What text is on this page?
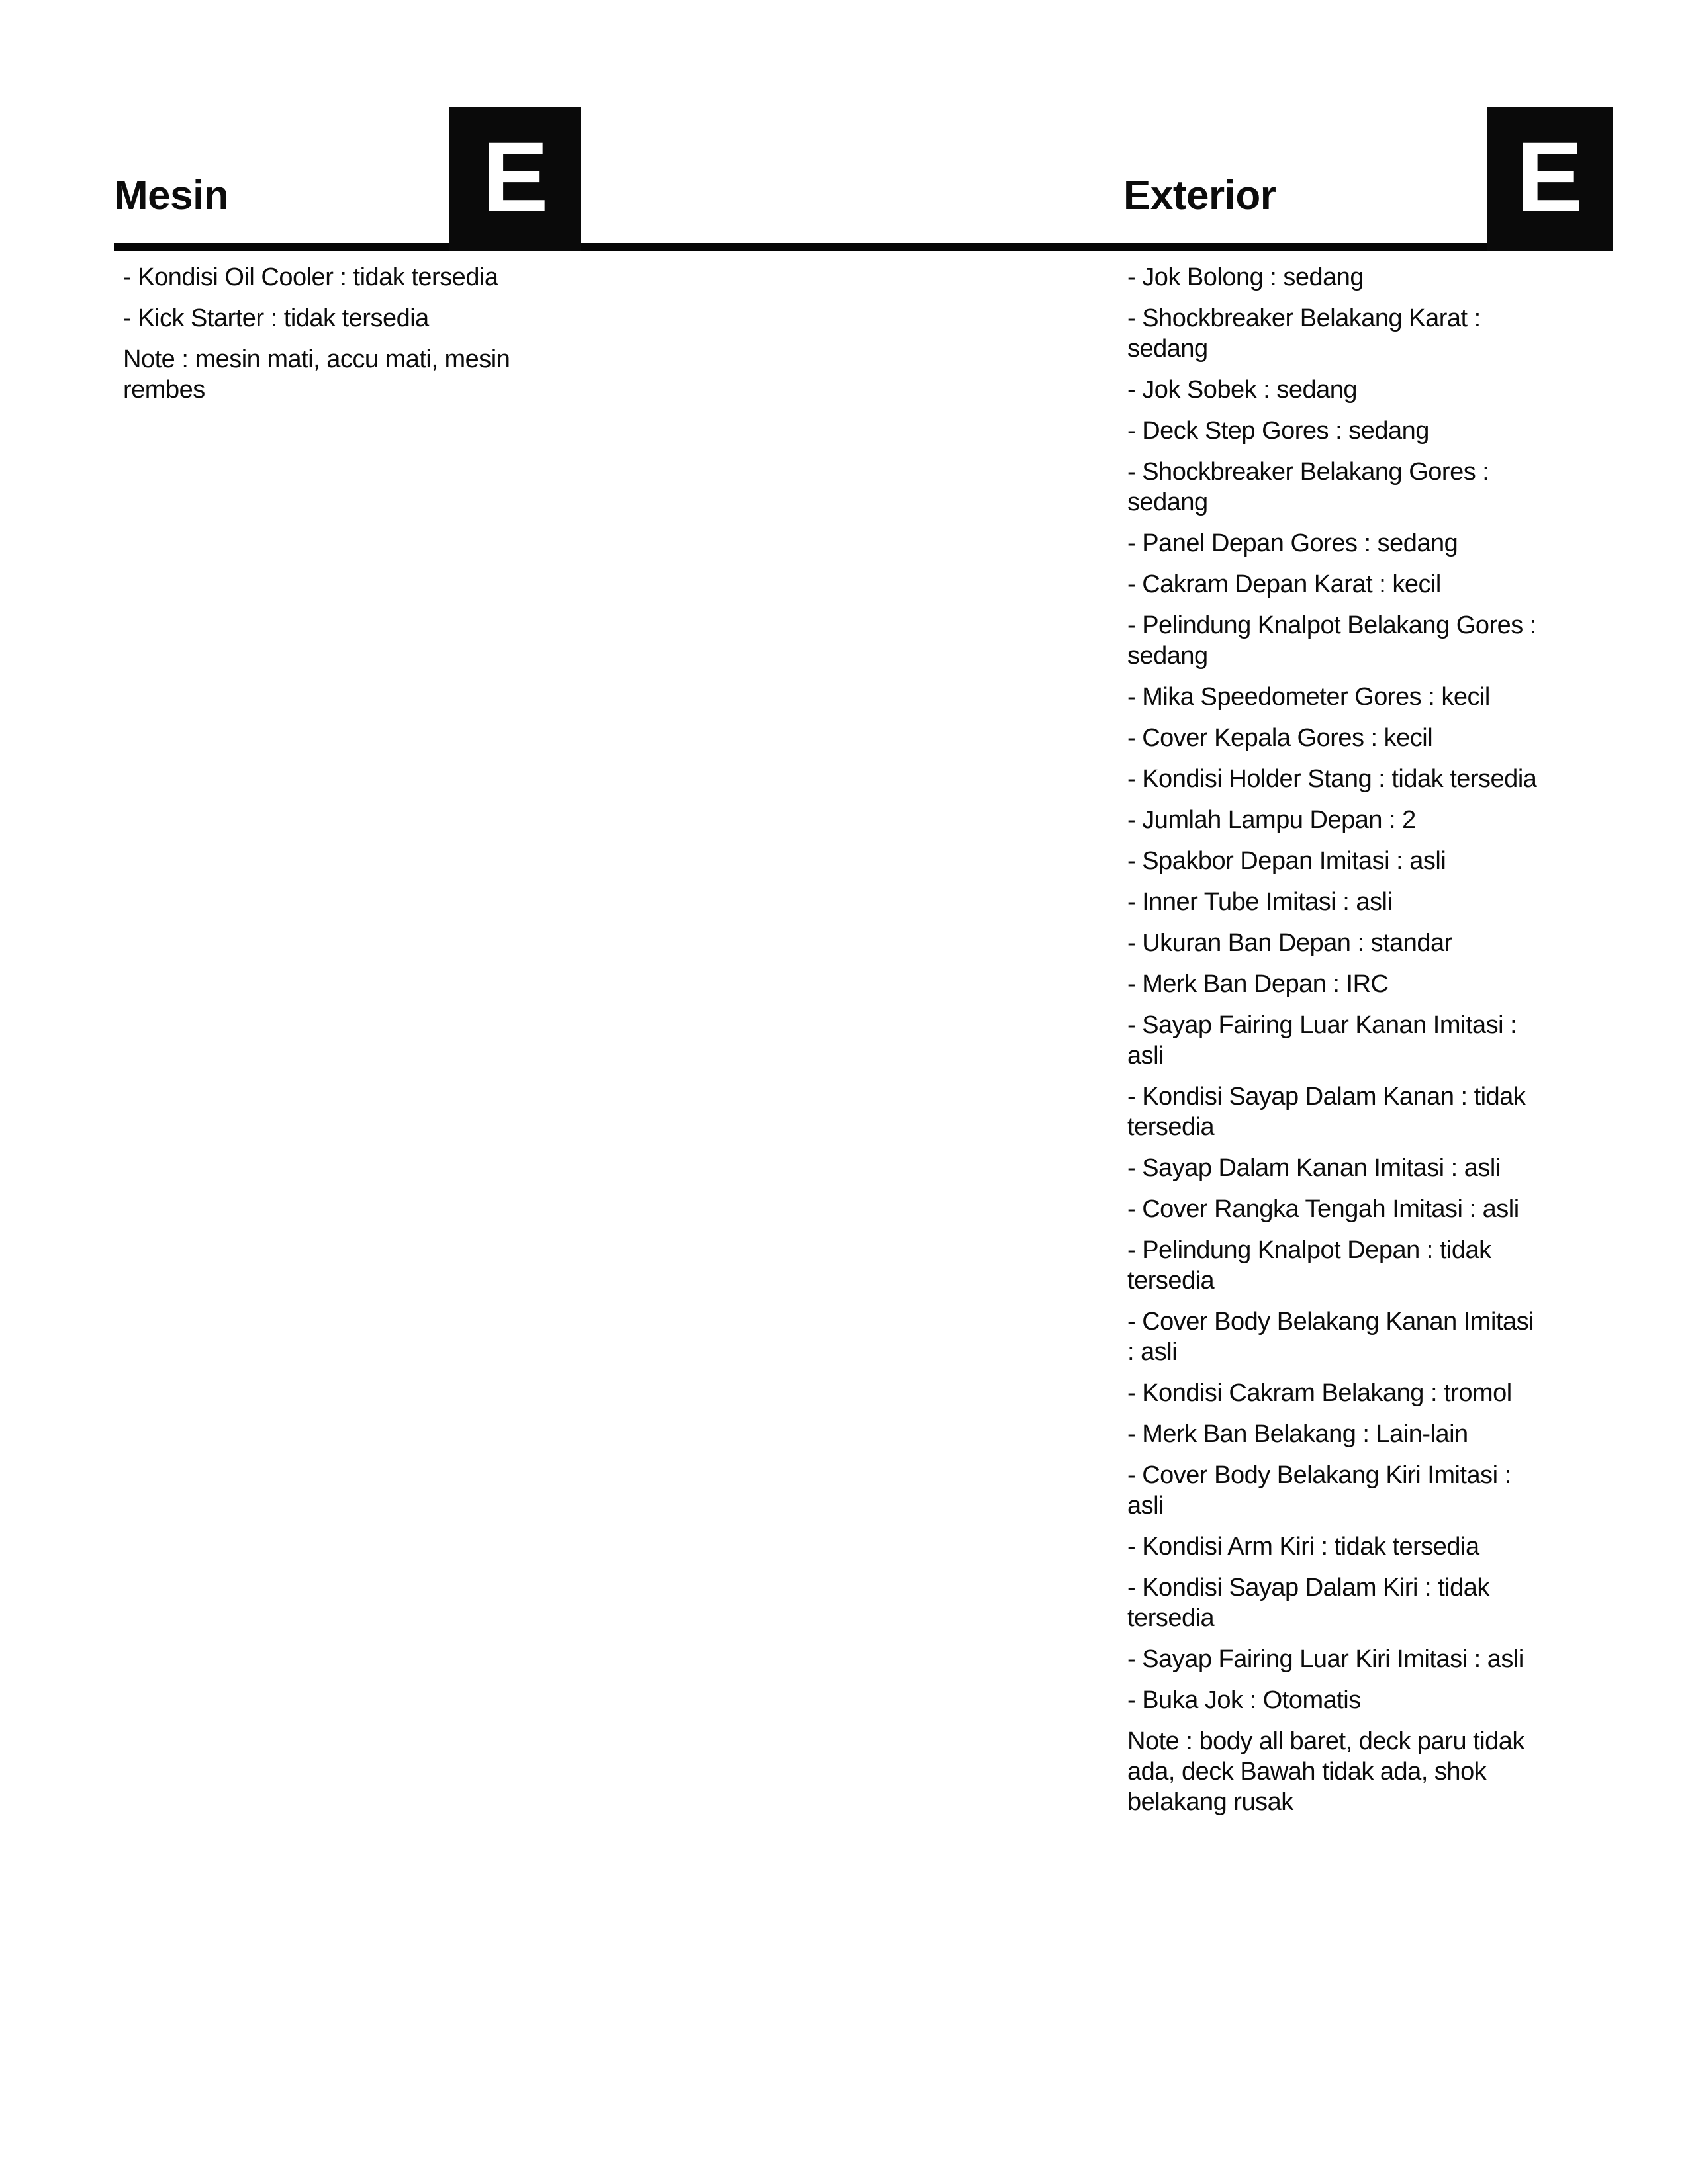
Mesin	E

- Kondisi Oil Cooler : tidak tersedia

- Kick Starter : tidak tersedia

Note : mesin mati, accu mati, mesin rembes

Exterior E

- Jok Bolong : sedang

- Shockbreaker Belakang Karat : sedang

- Jok Sobek : sedang

- Deck Step Gores : sedang

- Shockbreaker Belakang Gores : sedang

- Panel Depan Gores : sedang

- Cakram Depan Karat : kecil

- Pelindung Knalpot Belakang Gores : sedang

- Mika Speedometer Gores : kecil

- Cover Kepala Gores : kecil

- Kondisi Holder Stang : tidak tersedia

- Jumlah Lampu Depan : 2

- Spakbor Depan Imitasi : asli

- Inner Tube Imitasi : asli

- Ukuran Ban Depan : standar

- Merk Ban Depan : IRC

- Sayap Fairing Luar Kanan Imitasi : asli

- Kondisi Sayap Dalam Kanan : tidak tersedia

- Sayap Dalam Kanan Imitasi : asli

- Cover Rangka Tengah Imitasi : asli

- Pelindung Knalpot Depan : tidak tersedia

- Cover Body Belakang Kanan Imitasi : asli

- Kondisi Cakram Belakang : tromol

- Merk Ban Belakang : Lain-lain

- Cover Body Belakang Kiri Imitasi : asli

- Kondisi Arm Kiri : tidak tersedia

- Kondisi Sayap Dalam Kiri : tidak tersedia

- Sayap Fairing Luar Kiri Imitasi : asli

- Buka Jok : Otomatis

Note : body all baret, deck paru tidak ada, deck Bawah tidak ada, shok belakang rusak
